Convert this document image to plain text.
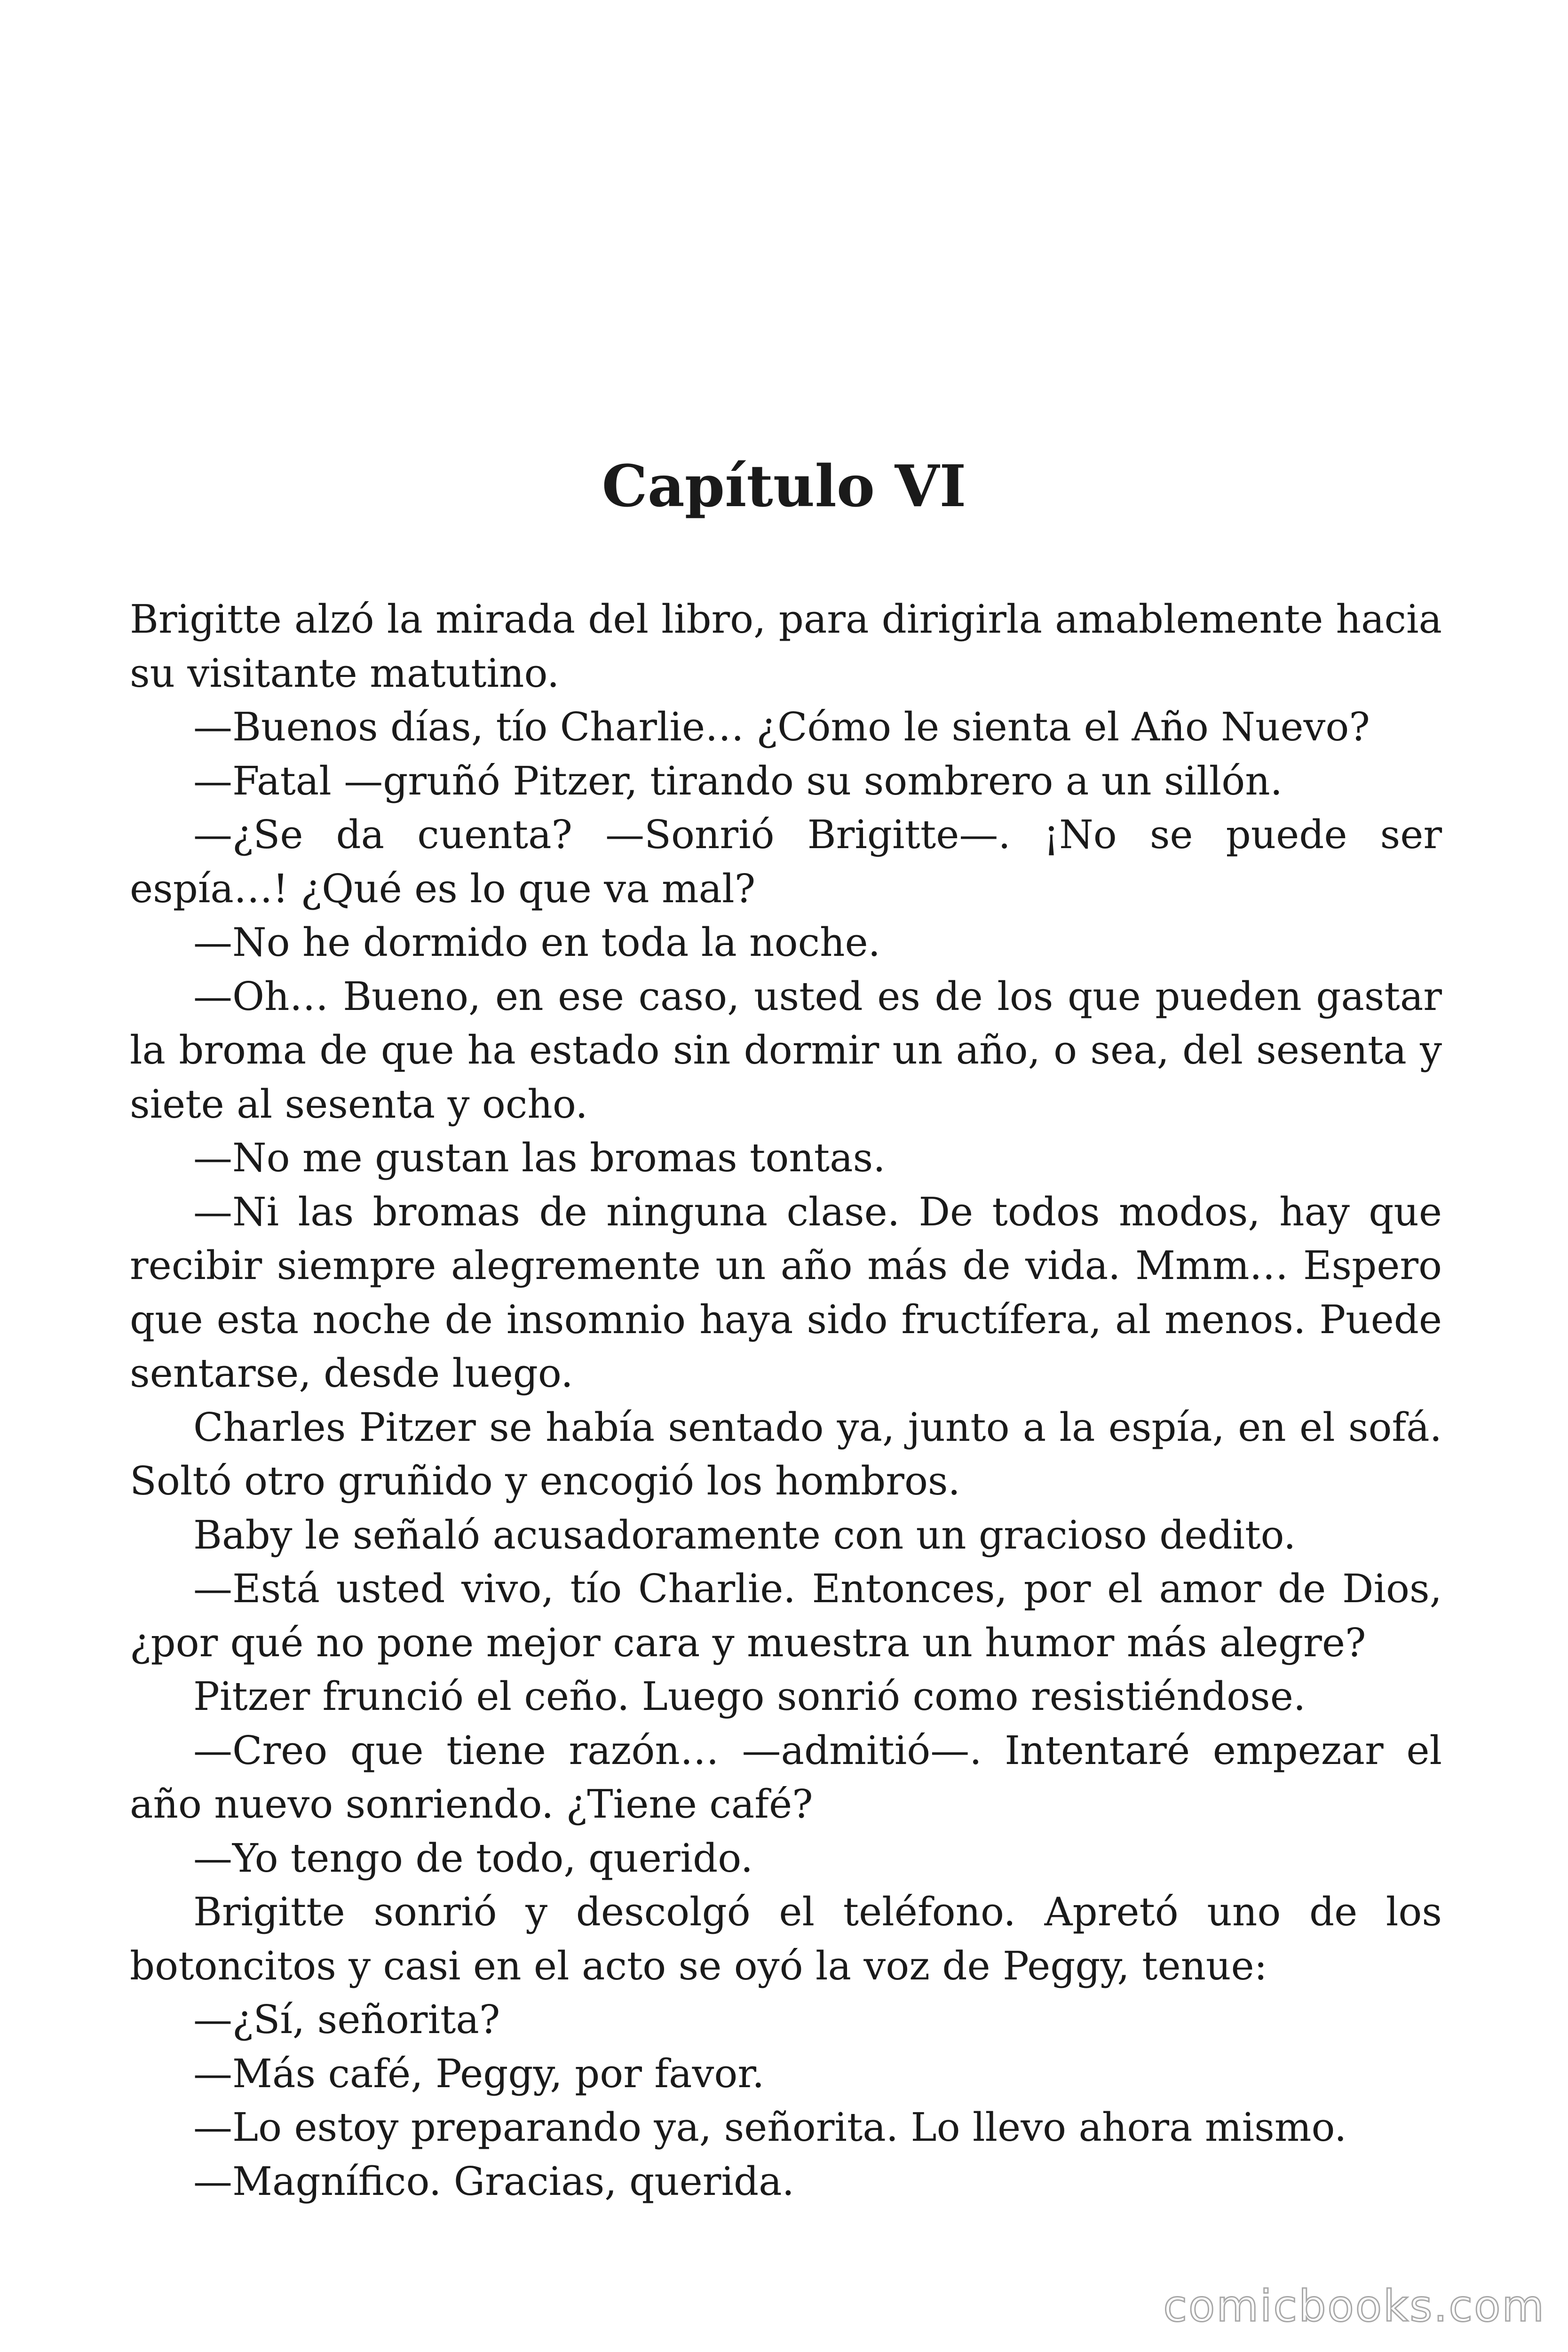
Capítulo VI

Brigitte alzó la mirada del libro, para dirigirla amablemente hacia su visitante matutino.

—Buenos días, tío Charlie… ¿Cómo le sienta el Año Nuevo?

—Fatal —gruñó Pitzer, tirando su sombrero a un sillón.

—¿Se da cuenta? —Sonrió Brigitte—. ¡No se puede ser espía…! ¿Qué es lo que va mal?

—No he dormido en toda la noche.

—Oh… Bueno, en ese caso, usted es de los que pueden gastar la broma de que ha estado sin dormir un año, o sea, del sesenta y siete al sesenta y ocho.

—No me gustan las bromas tontas.

—Ni las bromas de ninguna clase. De todos modos, hay que recibir siempre alegremente un año más de vida. Mmm… Espero que esta noche de insomnio haya sido fructífera, al menos. Puede sentarse, desde luego.

Charles Pitzer se había sentado ya, junto a la espía, en el sofá. Soltó otro gruñido y encogió los hombros.

Baby le señaló acusadoramente con un gracioso dedito.

—Está usted vivo, tío Charlie. Entonces, por el amor de Dios, ¿por qué no pone mejor cara y muestra un humor más alegre?

Pitzer frunció el ceño. Luego sonrió como resistiéndose.

—Creo que tiene razón… —admitió—. Intentaré empezar el año nuevo sonriendo. ¿Tiene café?

—Yo tengo de todo, querido.

Brigitte sonrió y descolgó el teléfono. Apretó uno de los botoncitos y casi en el acto se oyó la voz de Peggy, tenue:

—¿Sí, señorita?

—Más café, Peggy, por favor.

—Lo estoy preparando ya, señorita. Lo llevo ahora mismo.

—Magnífico. Gracias, querida.

comicbooks.com
